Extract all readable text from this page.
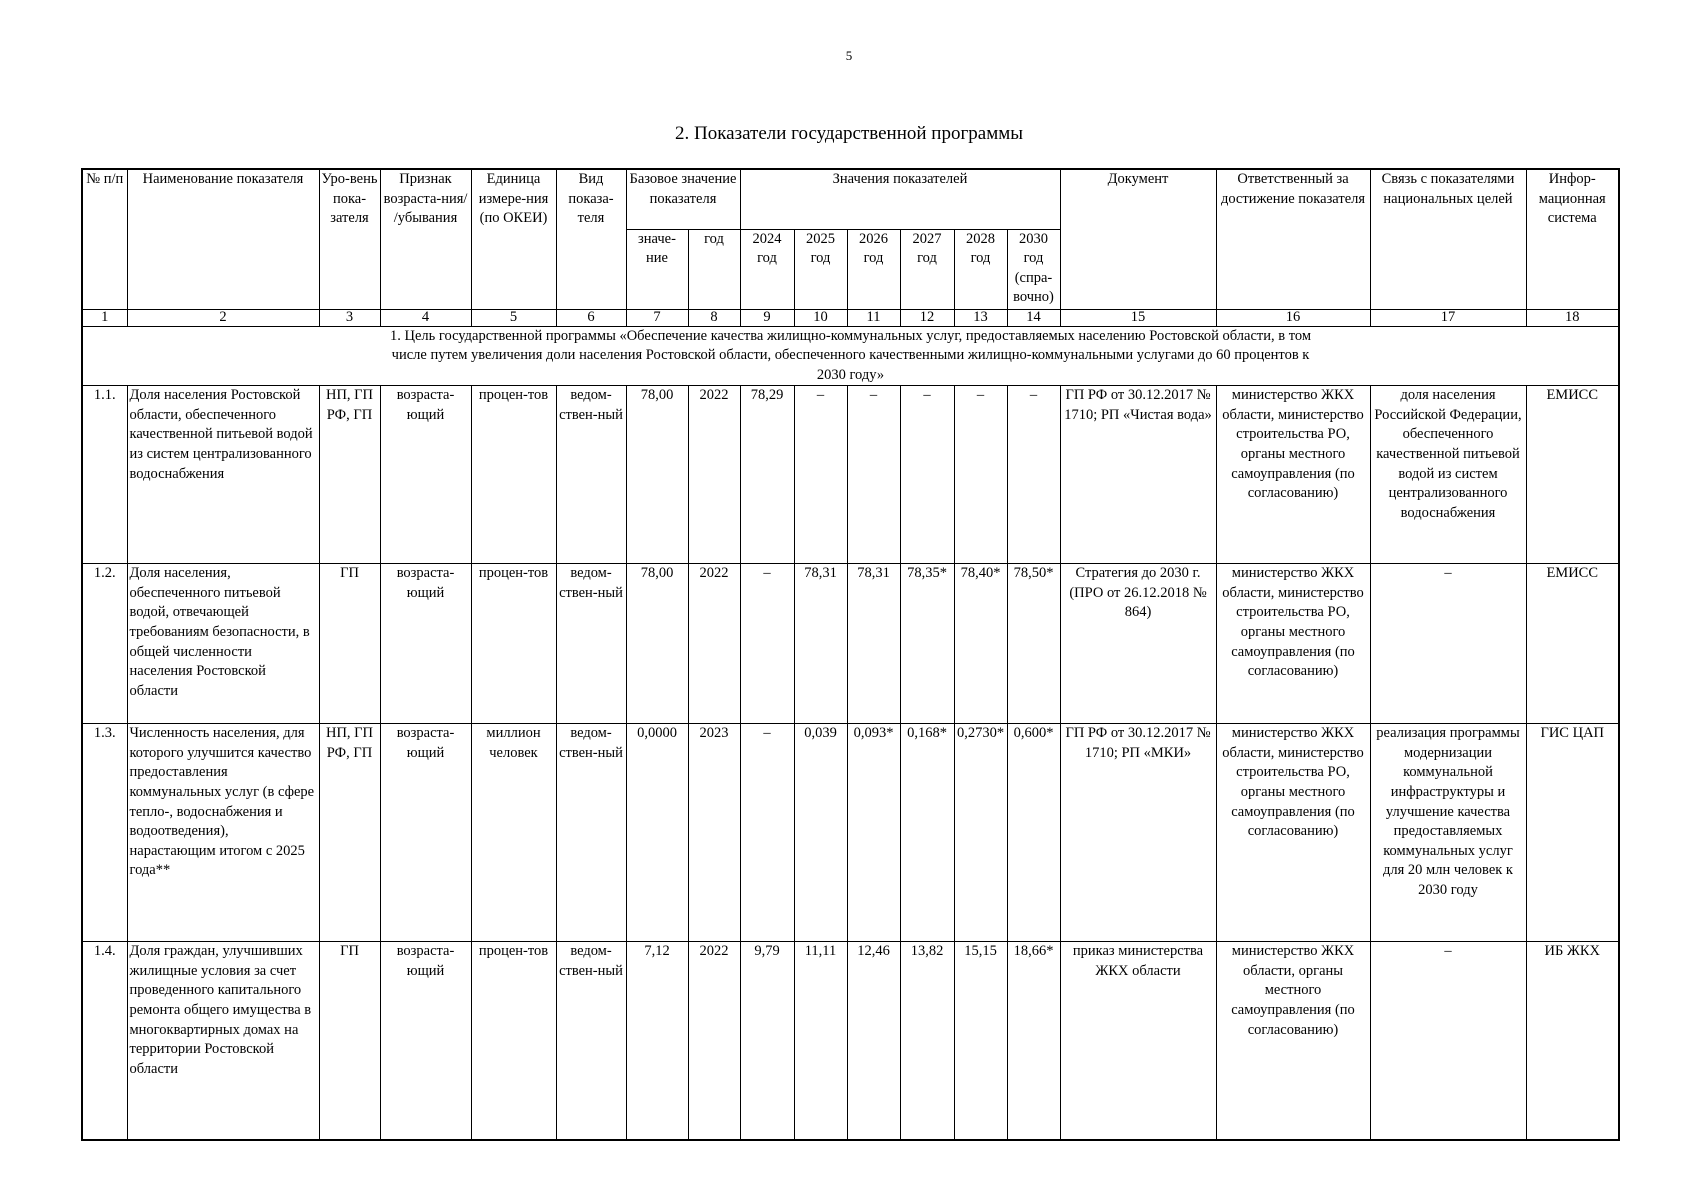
5
2. Показатели государственной программы
№ п/п	Наименование показателя	Уро-вень пока-зателя	Признак возраста-ния/ /убывания	Единица измере-ния (по ОКЕИ)	Вид показа-теля	Базовое значение показателя		Значения показателей						Документ	Ответственный за достижение показателя	Связь с показателями национальных целей	Инфор-мационная система
						значе-ние	год	2024 год	2025 год	2026 год	2027 год	2028 год	2030 год (спра-вочно)				
1	2	3	4	5	6	7	8	9	10	11	12	13	14	15	16	17	18
1. Цель государственной программы «Обеспечение качества жилищно-коммунальных услуг, предоставляемых населению Ростовской области, в том числе путем увеличения доли населения Ростовской области, обеспеченного качественными жилищно-коммунальными услугами до 60 процентов к 2030 году»																	
1.1.	Доля населения Ростовской области, обеспеченного качественной питьевой водой из систем централизованного водоснабжения	НП, ГП РФ, ГП	возраста-ющий	процен-тов	ведом-ствен-ный	78,00	2022	78,29	–	–	–	–	–	ГП РФ от 30.12.2017 № 1710; РП «Чистая вода»	министерство ЖКХ области, министерство строительства РО, органы местного самоуправления (по согласованию)	доля населения Российской Федерации, обеспеченного качественной питьевой водой из систем централизованного водоснабжения	ЕМИСС
1.2.	Доля населения, обеспеченного питьевой водой, отвечающей требованиям безопасности, в общей численности населения Ростовской области	ГП	возраста-ющий	процен-тов	ведом-ствен-ный	78,00	2022	–	78,31	78,31	78,35*	78,40*	78,50*	Стратегия до 2030 г. (ПРО от 26.12.2018 № 864)	министерство ЖКХ области, министерство строительства РО, органы местного самоуправления (по согласованию)	–	ЕМИСС
1.3.	Численность населения, для которого улучшится качество предоставления коммунальных услуг (в сфере тепло-, водоснабжения и водоотведения), нарастающим итогом с 2025 года**	НП, ГП РФ, ГП	возраста-ющий	миллион человек	ведом-ствен-ный	0,0000	2023	–	0,039	0,093*	0,168*	0,2730*	0,600*	ГП РФ от 30.12.2017 № 1710; РП «МКИ»	министерство ЖКХ области, министерство строительства РО, органы местного самоуправления (по согласованию)	реализация программы модернизации коммунальной инфраструктуры и улучшение качества предоставляемых коммунальных услуг для 20 млн человек к 2030 году	ГИС ЦАП
1.4.	Доля граждан, улучшивших жилищные условия за счет проведенного капитального ремонта общего имущества в многоквартирных домах на территории Ростовской области	ГП	возраста-ющий	процен-тов	ведом-ствен-ный	7,12	2022	9,79	11,11	12,46	13,82	15,15	18,66*	приказ министерства ЖКХ области	министерство ЖКХ области, органы местного самоуправления (по согласованию)	–	ИБ ЖКХ
